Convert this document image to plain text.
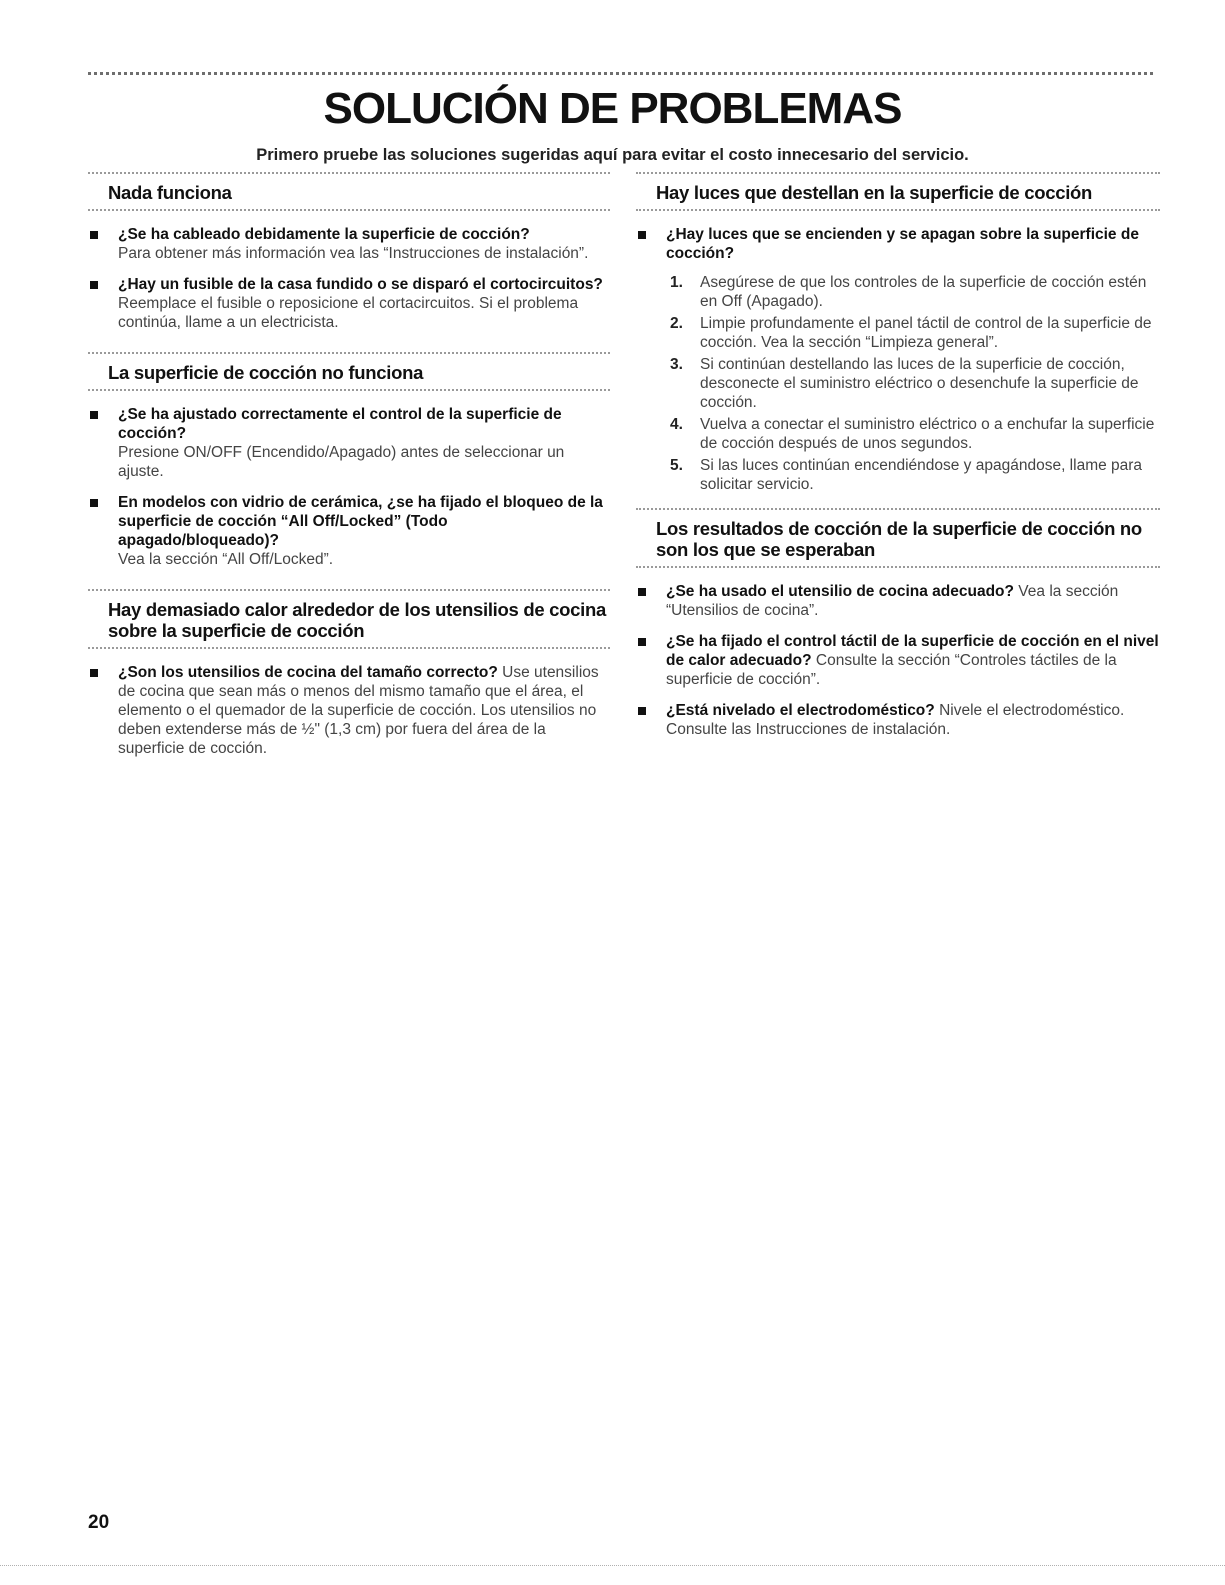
SOLUCIÓN DE PROBLEMAS
Primero pruebe las soluciones sugeridas aquí para evitar el costo innecesario del servicio.
Nada funciona
¿Se ha cableado debidamente la superficie de cocción?
Para obtener más información vea las “Instrucciones de instalación”.
¿Hay un fusible de la casa fundido o se disparó el cortocircuitos? Reemplace el fusible o reposicione el cortacircuitos. Si el problema continúa, llame a un electricista.
La superficie de cocción no funciona
¿Se ha ajustado correctamente el control de la superficie de cocción?
Presione ON/OFF (Encendido/Apagado) antes de seleccionar un ajuste.
En modelos con vidrio de cerámica, ¿se ha fijado el bloqueo de la superficie de cocción “All Off/Locked” (Todo apagado/bloqueado)?
Vea la sección “All Off/Locked”.
Hay demasiado calor alrededor de los utensilios de cocina sobre la superficie de cocción
¿Son los utensilios de cocina del tamaño correcto? Use utensilios de cocina que sean más o menos del mismo tamaño que el área, el elemento o el quemador de la superficie de cocción. Los utensilios no deben extenderse más de ½" (1,3 cm) por fuera del área de la superficie de cocción.
Hay luces que destellan en la superficie de cocción
¿Hay luces que se encienden y se apagan sobre la superficie de cocción?
1. Asegúrese de que los controles de la superficie de cocción estén en Off (Apagado).
2. Limpie profundamente el panel táctil de control de la superficie de cocción. Vea la sección “Limpieza general”.
3. Si continúan destellando las luces de la superficie de cocción, desconecte el suministro eléctrico o desenchufe la superficie de cocción.
4. Vuelva a conectar el suministro eléctrico o a enchufar la superficie de cocción después de unos segundos.
5. Si las luces continúan encendiéndose y apagándose, llame para solicitar servicio.
Los resultados de cocción de la superficie de cocción no son los que se esperaban
¿Se ha usado el utensilio de cocina adecuado? Vea la sección “Utensilios de cocina”.
¿Se ha fijado el control táctil de la superficie de cocción en el nivel de calor adecuado? Consulte la sección “Controles táctiles de la superficie de cocción”.
¿Está nivelado el electrodoméstico? Nivele el electrodoméstico. Consulte las Instrucciones de instalación.
20
